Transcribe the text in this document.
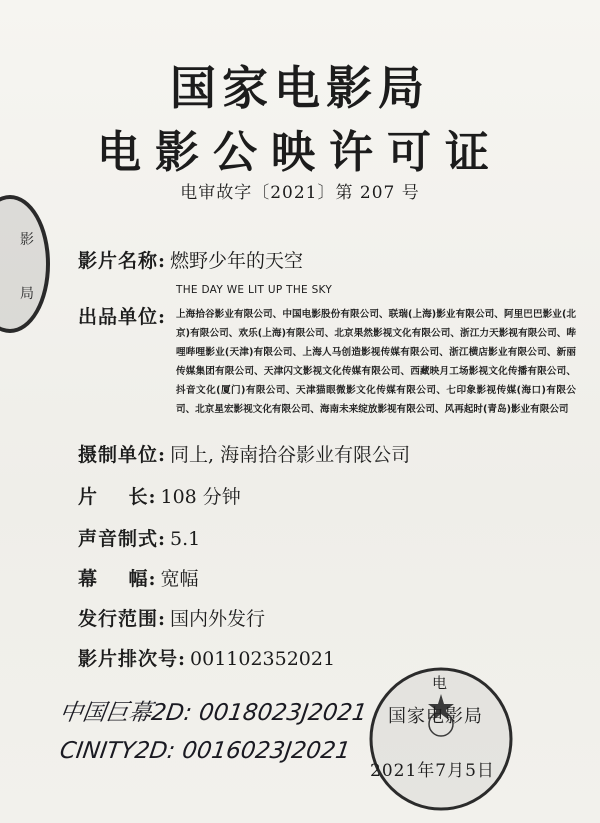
国家电影局
电影公映许可证
电审故字〔2021〕第 207 号
影
局
影片名称: 燃野少年的天空
THE DAY WE LIT UP THE SKY
出品单位: 上海拾谷影业有限公司、中国电影股份有限公司、联瑞(上海)影业有限公司、阿里巴巴影业(北京)有限公司、欢乐(上海)有限公司、北京果然影视文化有限公司、浙江力天影视有限公司、哔哩哔哩影业(天津)有限公司、上海人马创造影视传媒有限公司、浙江横店影业有限公司、新丽传媒集团有限公司、天津闪文影视文化传媒有限公司、西藏映月工场影视文化传播有限公司、抖音文化(厦门)有限公司、天津猫眼微影文化传媒有限公司、七印象影视传媒(海口)有限公司、北京星宏影视文化有限公司、海南未来绽放影视有限公司、风再起时(青岛)影业有限公司
摄制单位: 同上, 海南拾谷影业有限公司
片    长: 108 分钟
声音制式: 5.1
幕    幅: 宽幅
发行范围: 国内外发行
影片排次号: 001102352021
中国巨幕2D: 0018023J2021
CINITY2D: 0016023J2021
电
国家电影局
2021年7月5日
